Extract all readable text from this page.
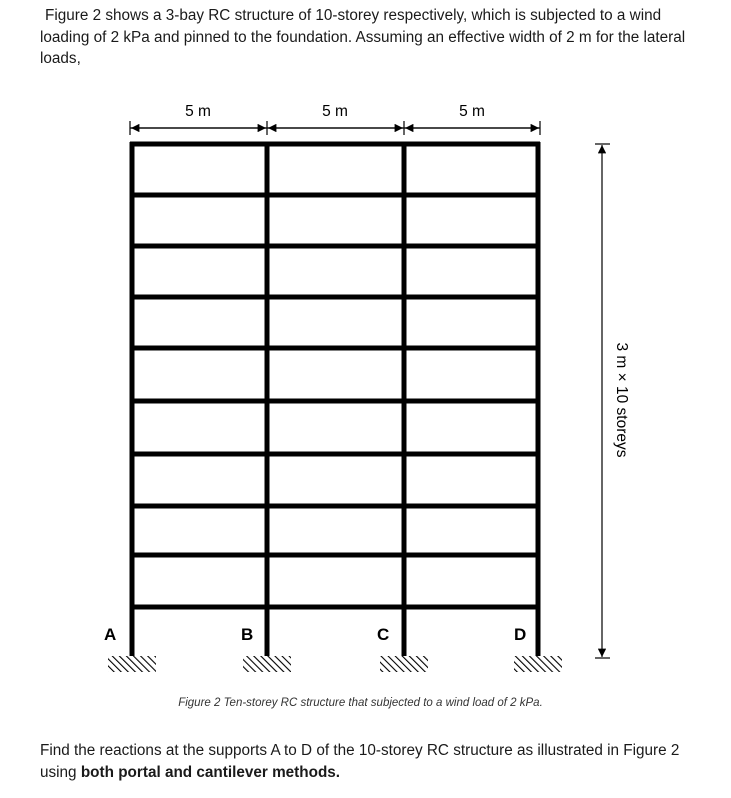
Figure 2 shows a 3-bay RC structure of 10-storey respectively, which is subjected to a wind loading of 2 kPa and pinned to the foundation. Assuming an effective width of 2 m for the lateral loads,

5 m	5 m	5 m
A	B	C	D
3 m × 10 storeys
Figure 2 Ten-storey RC structure that subjected to a wind load of 2 kPa.

Find the reactions at the supports A to D of the 10-storey RC structure as illustrated in Figure 2 using both portal and cantilever methods.
